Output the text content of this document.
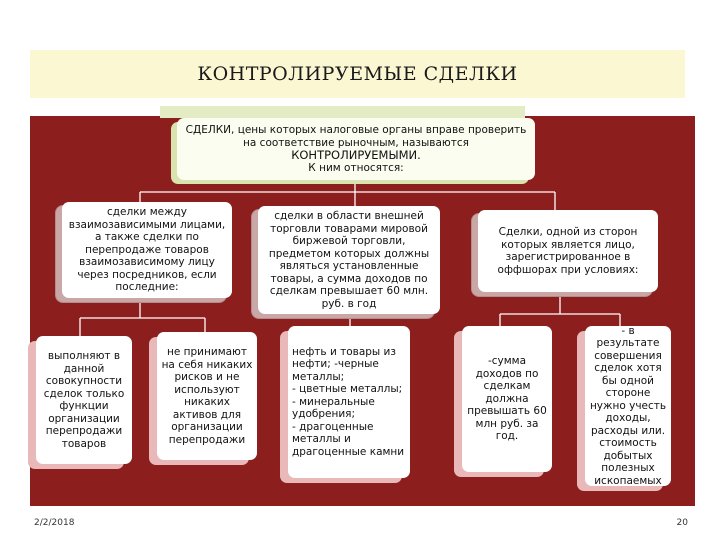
КОНТРОЛИРУЕМЫЕ СДЕЛКИ
СДЕЛКИ, цены которых налоговые органы вправе проверить на соответствие рыночным, называются
КОНТРОЛИРУЕМЫМИ.
К ним относятся:
сделки между взаимозависимыми лицами, а также сделки по перепродаже товаров взаимозависимому лицу через посредников, если последние:
сделки в области внешней торговли товарами мировой биржевой торговли, предметом которых должны являться установленные товары, а сумма доходов по сделкам превышает 60 млн. руб. в год
Сделки, одной из сторон которых является лицо, зарегистрированное в оффшорах при условиях:
выполняют в данной совокупности сделок только функции организации перепродажи товаров
не принимают на себя никаких рисков и не используют никаких активов для организации перепродажи
нефть и товары из нефти; -черные металлы;
- цветные металлы;
- минеральные удобрения;
- драгоценные металлы и драгоценные камни
-сумма доходов по сделкам должна превышать 60 млн руб. за год.
- в результате совершения сделок хотя бы одной стороне нужно учесть доходы, расходы или. стоимость добытых полезных ископаемых
2/2/2018	20
